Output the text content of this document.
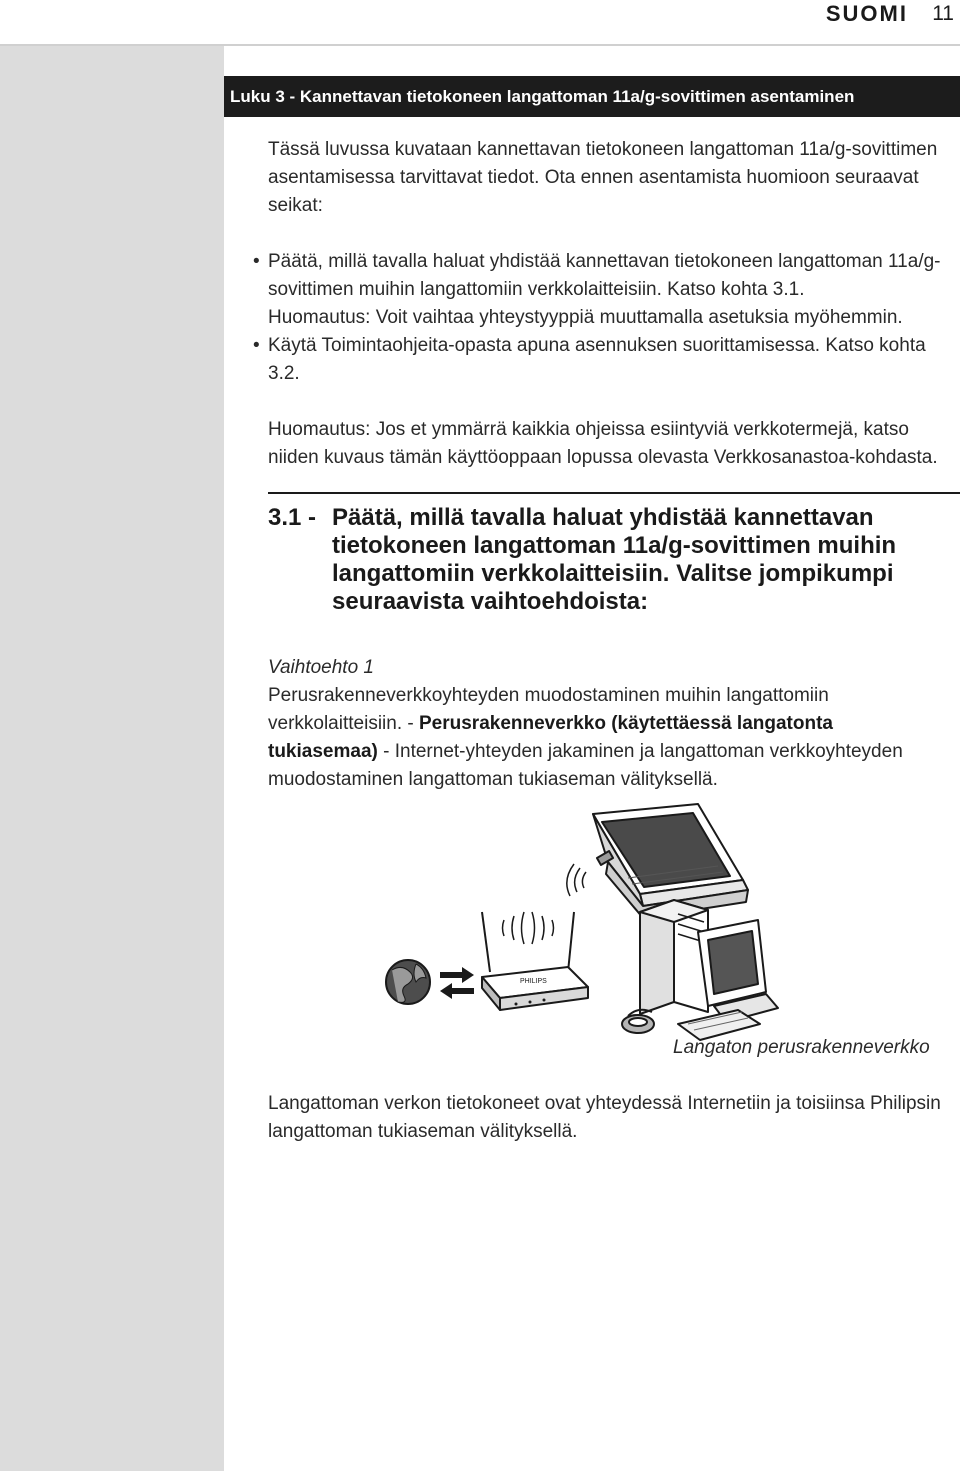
SUOMI 11
Luku 3 - Kannettavan tietokoneen langattoman 11a/g-sovittimen asentaminen

Tässä luvussa kuvataan kannettavan tietokoneen langattoman 11a/g-sovittimen asentamisessa tarvittavat tiedot. Ota ennen asentamista huomioon seuraavat seikat:

• Päätä, millä tavalla haluat yhdistää kannettavan tietokoneen langattoman 11a/g-sovittimen muihin langattomiin verkkolaitteisiin. Katso kohta 3.1.
Huomautus: Voit vaihtaa yhteystyyppiä muuttamalla asetuksia myöhemmin.
• Käytä Toimintaohjeita-opasta apuna asennuksen suorittamisessa. Katso kohta 3.2.

Huomautus: Jos et ymmärrä kaikkia ohjeissa esiintyviä verkkotermejä, katso niiden kuvaus tämän käyttöoppaan lopussa olevasta Verkkosanastoa-kohdasta.

3.1 - Päätä, millä tavalla haluat yhdistää kannettavan tietokoneen langattoman 11a/g-sovittimen muihin langattomiin verkkolaitteisiin. Valitse jompikumpi seuraavista vaihtoehdoista:

Vaihtoehto 1

Perusrakenneverkkoyhteyden muodostaminen muihin langattomiin verkkolaitteisiin. - Perusrakenneverkko (käytettäessä langatonta tukiasemaa) - Internet-yhteyden jakaminen ja langattoman verkkoyhteyden muodostaminen langattoman tukiaseman välityksellä.

PHILIPS
Langaton perusrakenneverkko

Langattoman verkon tietokoneet ovat yhteydessä Internetiin ja toisiinsa Philipsin langattoman tukiaseman välityksellä.
